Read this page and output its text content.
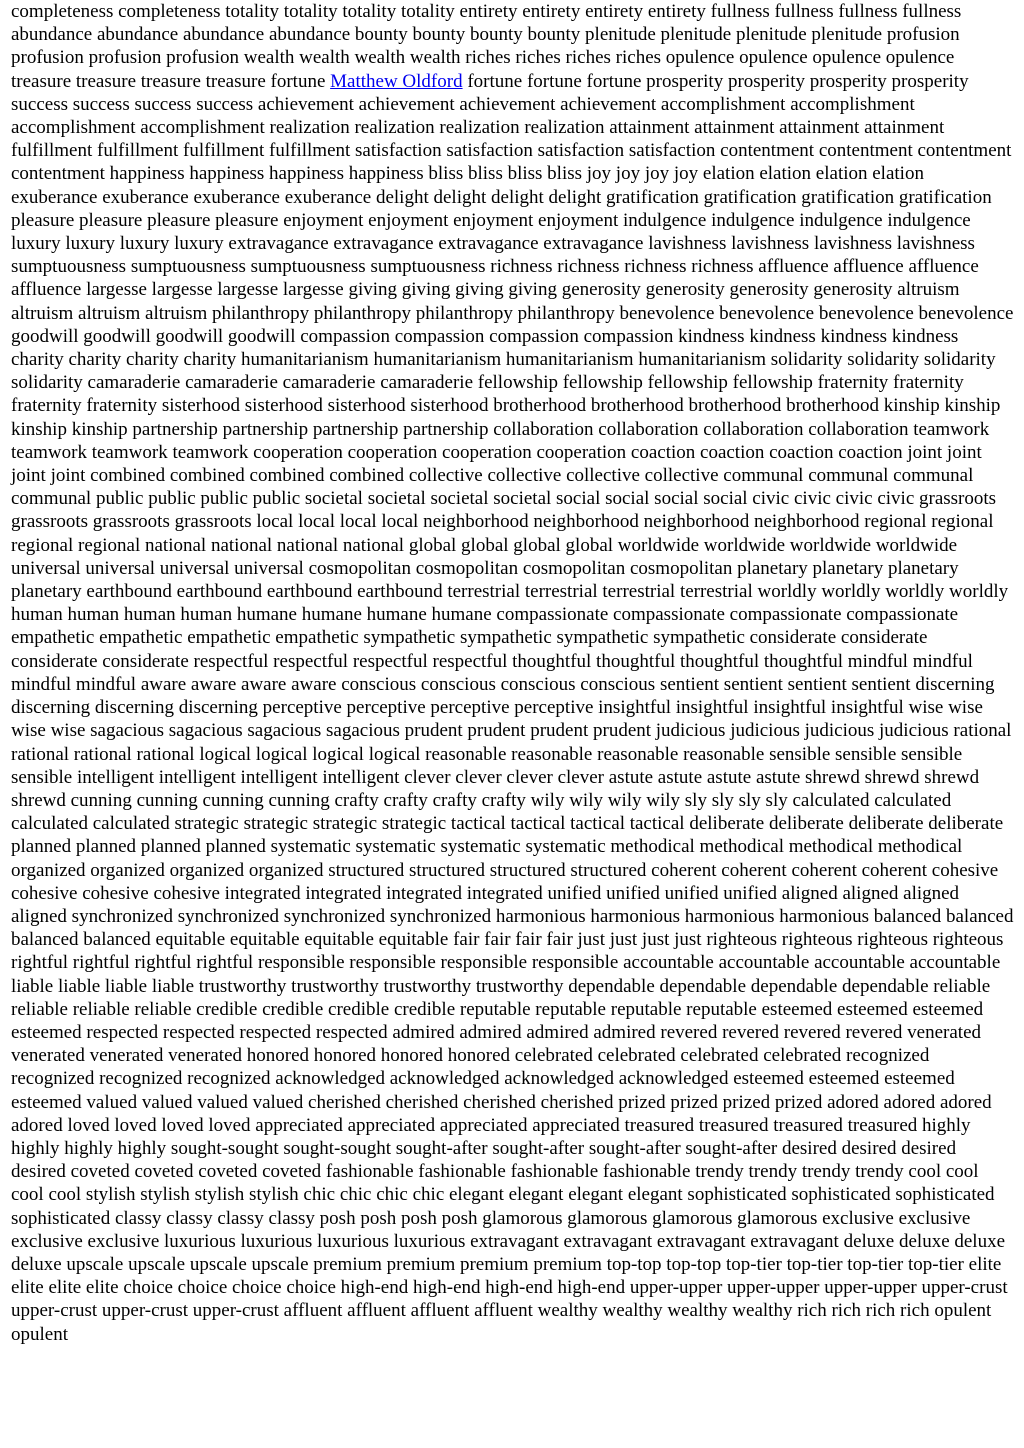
completeness completeness totality totality totality totality entirety entirety entirety entirety fullness fullness fullness fullness abundance abundance abundance abundance bounty bounty bounty bounty plenitude plenitude plenitude plenitude profusion profusion profusion profusion wealth wealth wealth wealth riches riches riches riches opulence opulence opulence opulence treasure treasure treasure treasure fortune Matthew Oldford fortune fortune fortune prosperity prosperity prosperity prosperity success success success success achievement achievement achievement achievement accomplishment accomplishment accomplishment accomplishment realization realization realization realization attainment attainment attainment attainment fulfillment fulfillment fulfillment fulfillment satisfaction satisfaction satisfaction satisfaction contentment contentment contentment contentment happiness happiness happiness happiness bliss bliss bliss bliss joy joy joy joy elation elation elation elation exuberance exuberance exuberance exuberance delight delight delight delight gratification gratification gratification gratification pleasure pleasure pleasure pleasure enjoyment enjoyment enjoyment enjoyment indulgence indulgence indulgence indulgence luxury luxury luxury luxury extravagance extravagance extravagance extravagance lavishness lavishness lavishness lavishness sumptuousness sumptuousness sumptuousness sumptuousness richness richness richness richness affluence affluence affluence affluence largesse largesse largesse largesse giving giving giving giving generosity generosity generosity generosity altruism altruism altruism altruism philanthropy philanthropy philanthropy philanthropy benevolence benevolence benevolence benevolence goodwill goodwill goodwill goodwill compassion compassion compassion compassion kindness kindness kindness kindness charity charity charity charity humanitarianism humanitarianism humanitarianism humanitarianism solidarity solidarity solidarity solidarity camaraderie camaraderie camaraderie camaraderie fellowship fellowship fellowship fellowship fraternity fraternity fraternity fraternity sisterhood sisterhood sisterhood sisterhood brotherhood brotherhood brotherhood brotherhood kinship kinship kinship kinship partnership partnership partnership partnership collaboration collaboration collaboration collaboration teamwork teamwork teamwork teamwork cooperation cooperation cooperation cooperation coaction coaction coaction coaction joint joint joint joint combined combined combined combined collective collective collective collective communal communal communal communal public public public public societal societal societal societal social social social social civic civic civic civic grassroots grassroots grassroots grassroots local local local local neighborhood neighborhood neighborhood neighborhood regional regional regional regional national national national national global global global global worldwide worldwide worldwide worldwide universal universal universal universal cosmopolitan cosmopolitan cosmopolitan cosmopolitan planetary planetary planetary planetary earthbound earthbound earthbound earthbound terrestrial terrestrial terrestrial terrestrial worldly worldly worldly worldly human human human human humane humane humane humane compassionate compassionate compassionate compassionate empathetic empathetic empathetic empathetic sympathetic sympathetic sympathetic sympathetic considerate considerate considerate considerate respectful respectful respectful respectful thoughtful thoughtful thoughtful thoughtful mindful mindful mindful mindful aware aware aware aware conscious conscious conscious conscious sentient sentient sentient sentient discerning discerning discerning discerning perceptive perceptive perceptive perceptive insightful insightful insightful insightful wise wise wise wise sagacious sagacious sagacious sagacious prudent prudent prudent prudent judicious judicious judicious judicious rational rational rational rational logical logical logical logical reasonable reasonable reasonable reasonable sensible sensible sensible sensible intelligent intelligent intelligent intelligent clever clever clever clever astute astute astute astute shrewd shrewd shrewd shrewd cunning cunning cunning cunning crafty crafty crafty crafty wily wily wily wily sly sly sly sly calculated calculated calculated calculated strategic strategic strategic strategic tactical tactical tactical tactical deliberate deliberate deliberate deliberate planned planned planned planned systematic systematic systematic systematic methodical methodical methodical methodical organized organized organized organized structured structured structured structured coherent coherent coherent coherent cohesive cohesive cohesive cohesive integrated integrated integrated integrated unified unified unified unified aligned aligned aligned aligned synchronized synchronized synchronized synchronized harmonious harmonious harmonious harmonious balanced balanced balanced balanced equitable equitable equitable equitable fair fair fair fair just just just just righteous righteous righteous righteous rightful rightful rightful rightful responsible responsible responsible responsible accountable accountable accountable accountable liable liable liable liable trustworthy trustworthy trustworthy trustworthy dependable dependable dependable dependable reliable reliable reliable reliable credible credible credible credible reputable reputable reputable reputable esteemed esteemed esteemed esteemed respected respected respected respected admired admired admired admired revered revered revered revered venerated venerated venerated venerated honored honored honored honored celebrated celebrated celebrated celebrated recognized recognized recognized recognized acknowledged acknowledged acknowledged acknowledged esteemed esteemed esteemed esteemed valued valued valued valued cherished cherished cherished cherished prized prized prized prized adored adored adored adored loved loved loved loved appreciated appreciated appreciated appreciated treasured treasured treasured treasured highly highly highly highly sought-sought sought-sought sought-after sought-after sought-after sought-after desired desired desired desired coveted coveted coveted coveted fashionable fashionable fashionable fashionable trendy trendy trendy trendy cool cool cool cool stylish stylish stylish stylish chic chic chic chic elegant elegant elegant elegant sophisticated sophisticated sophisticated sophisticated classy classy classy classy posh posh posh posh glamorous glamorous glamorous glamorous exclusive exclusive exclusive exclusive luxurious luxurious luxurious luxurious extravagant extravagant extravagant extravagant deluxe deluxe deluxe deluxe upscale upscale upscale upscale premium premium premium premium top-top top-top top-tier top-tier top-tier top-tier elite elite elite elite choice choice choice choice high-end high-end high-end high-end upper-upper upper-upper upper-upper upper-crust upper-crust upper-crust upper-crust affluent affluent affluent affluent wealthy wealthy wealthy wealthy rich rich rich rich opulent opulent
